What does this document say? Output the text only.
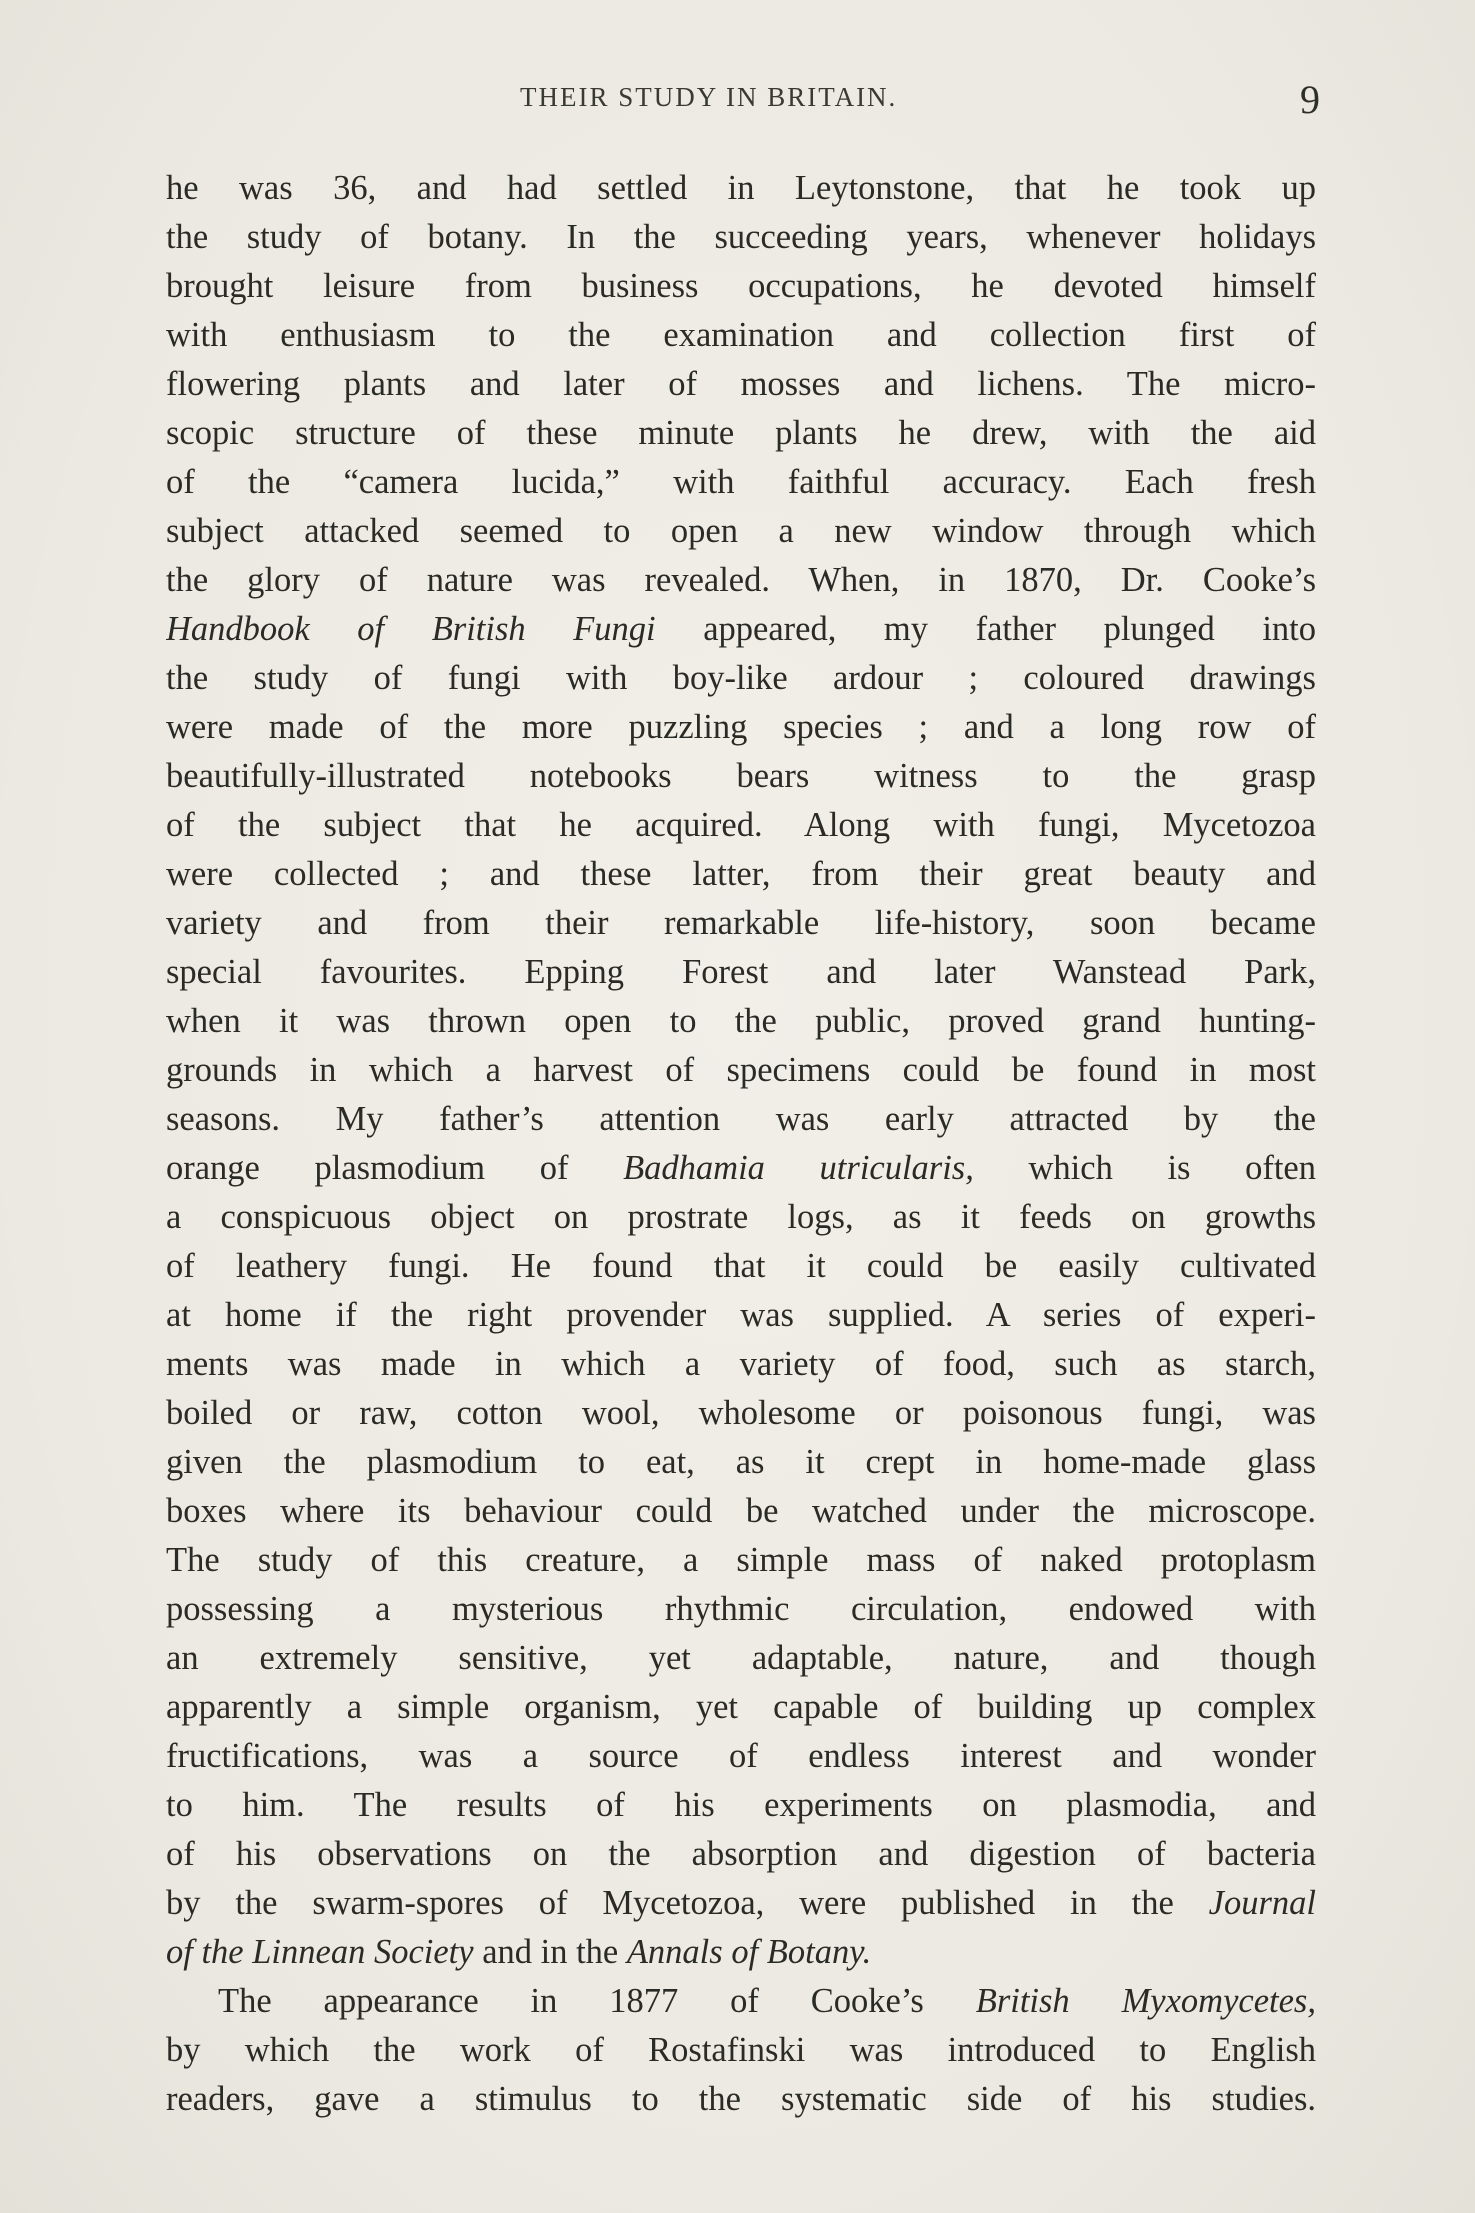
THEIR STUDY IN BRITAIN.	9
he was 36, and had settled in Leytonstone, that he took up
the study of botany. In the succeeding years, whenever holidays
brought leisure from business occupations, he devoted himself
with enthusiasm to the examination and collection first of
flowering plants and later of mosses and lichens. The micro-
scopic structure of these minute plants he drew, with the aid
of the “camera lucida,” with faithful accuracy. Each fresh
subject attacked seemed to open a new window through which
the glory of nature was revealed. When, in 1870, Dr. Cooke’s
Handbook of British Fungi appeared, my father plunged into
the study of fungi with boy-like ardour ; coloured drawings
were made of the more puzzling species ; and a long row of
beautifully-illustrated notebooks bears witness to the grasp
of the subject that he acquired. Along with fungi, Mycetozoa
were collected ; and these latter, from their great beauty and
variety and from their remarkable life-history, soon became
special favourites. Epping Forest and later Wanstead Park,
when it was thrown open to the public, proved grand hunting-
grounds in which a harvest of specimens could be found in most
seasons. My father’s attention was early attracted by the
orange plasmodium of Badhamia utricularis, which is often
a conspicuous object on prostrate logs, as it feeds on growths
of leathery fungi. He found that it could be easily cultivated
at home if the right provender was supplied. A series of experi-
ments was made in which a variety of food, such as starch,
boiled or raw, cotton wool, wholesome or poisonous fungi, was
given the plasmodium to eat, as it crept in home-made glass
boxes where its behaviour could be watched under the microscope.
The study of this creature, a simple mass of naked protoplasm
possessing a mysterious rhythmic circulation, endowed with
an extremely sensitive, yet adaptable, nature, and though
apparently a simple organism, yet capable of building up complex
fructifications, was a source of endless interest and wonder
to him. The results of his experiments on plasmodia, and
of his observations on the absorption and digestion of bacteria
by the swarm-spores of Mycetozoa, were published in the Journal
of the Linnean Society and in the Annals of Botany.
The appearance in 1877 of Cooke’s British Myxomycetes,
by which the work of Rostafinski was introduced to English
readers, gave a stimulus to the systematic side of his studies.
